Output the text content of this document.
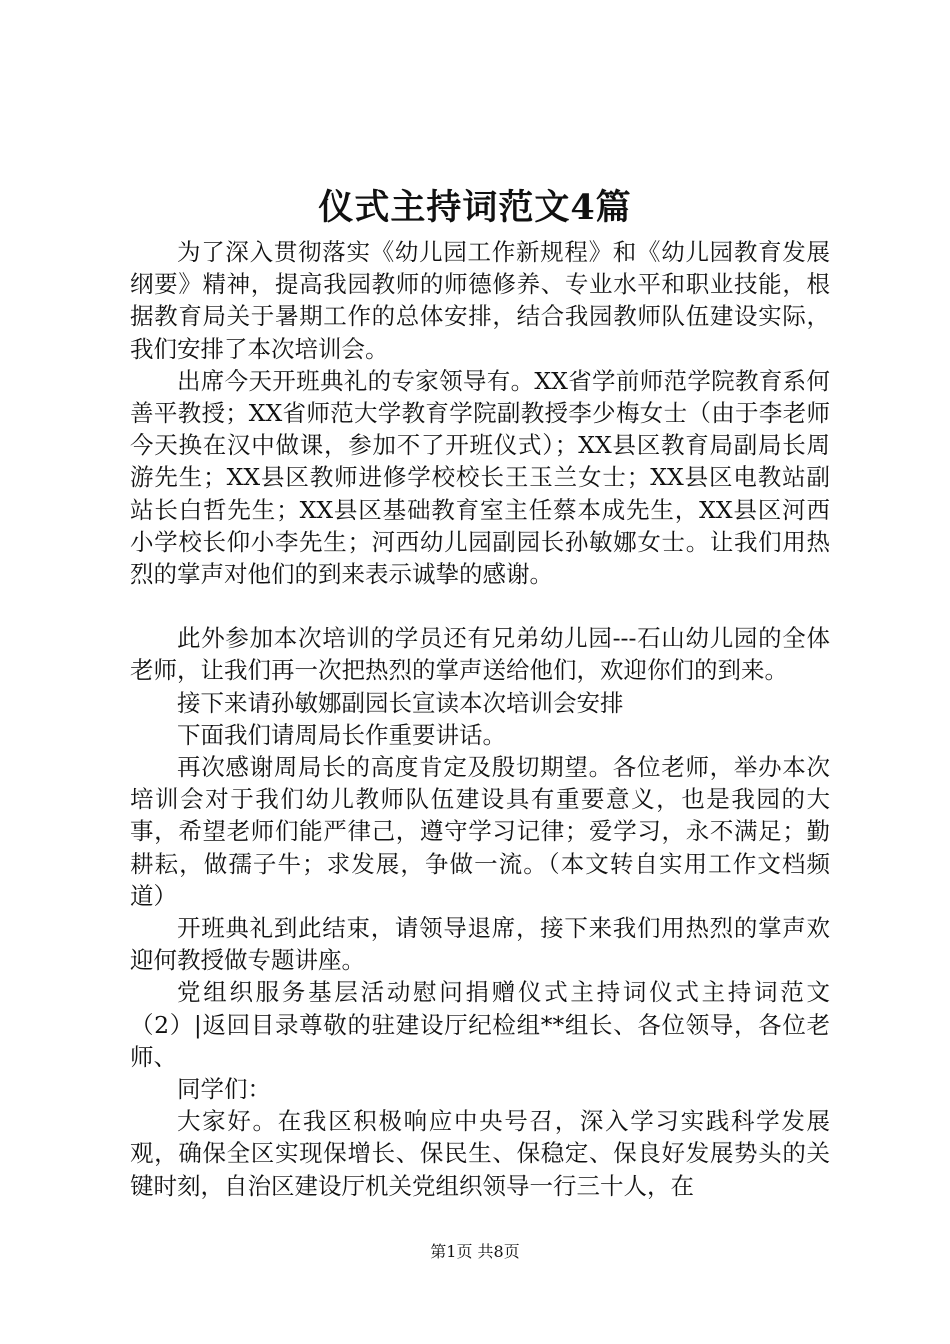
仪式主持词范文4篇

为了深入贯彻落实《幼儿园工作新规程》和《幼儿园教育发展纲要》精神，提高我园教师的师德修养、专业水平和职业技能，根据教育局关于暑期工作的总体安排，结合我园教师队伍建设实际，我们安排了本次培训会。

出席今天开班典礼的专家领导有。XX省学前师范学院教育系何善平教授；XX省师范大学教育学院副教授李少梅女士（由于李老师今天换在汉中做课，参加不了开班仪式）；XX县区教育局副局长周游先生；XX县区教师进修学校校长王玉兰女士；XX县区电教站副站长白哲先生；XX县区基础教育室主任蔡本成先生，XX县区河西小学校长仰小李先生；河西幼儿园副园长孙敏娜女士。让我们用热烈的掌声对他们的到来表示诚挚的感谢。

此外参加本次培训的学员还有兄弟幼儿园---石山幼儿园的全体老师，让我们再一次把热烈的掌声送给他们，欢迎你们的到来。

接下来请孙敏娜副园长宣读本次培训会安排

下面我们请周局长作重要讲话。

再次感谢周局长的高度肯定及殷切期望。各位老师，举办本次培训会对于我们幼儿教师队伍建设具有重要意义，也是我园的大事，希望老师们能严律己，遵守学习记律；爱学习，永不满足；勤耕耘，做孺子牛；求发展，争做一流。（本文转自实用工作文档频道）

开班典礼到此结束，请领导退席，接下来我们用热烈的掌声欢迎何教授做专题讲座。

党组织服务基层活动慰问捐赠仪式主持词仪式主持词范文（2）|返回目录尊敬的驻建设厅纪检组**组长、各位领导，各位老师、

同学们：

大家好。在我区积极响应中央号召，深入学习实践科学发展观，确保全区实现保增长、保民生、保稳定、保良好发展势头的关键时刻，自治区建设厅机关党组织领导一行三十人，在

第1页 共8页
